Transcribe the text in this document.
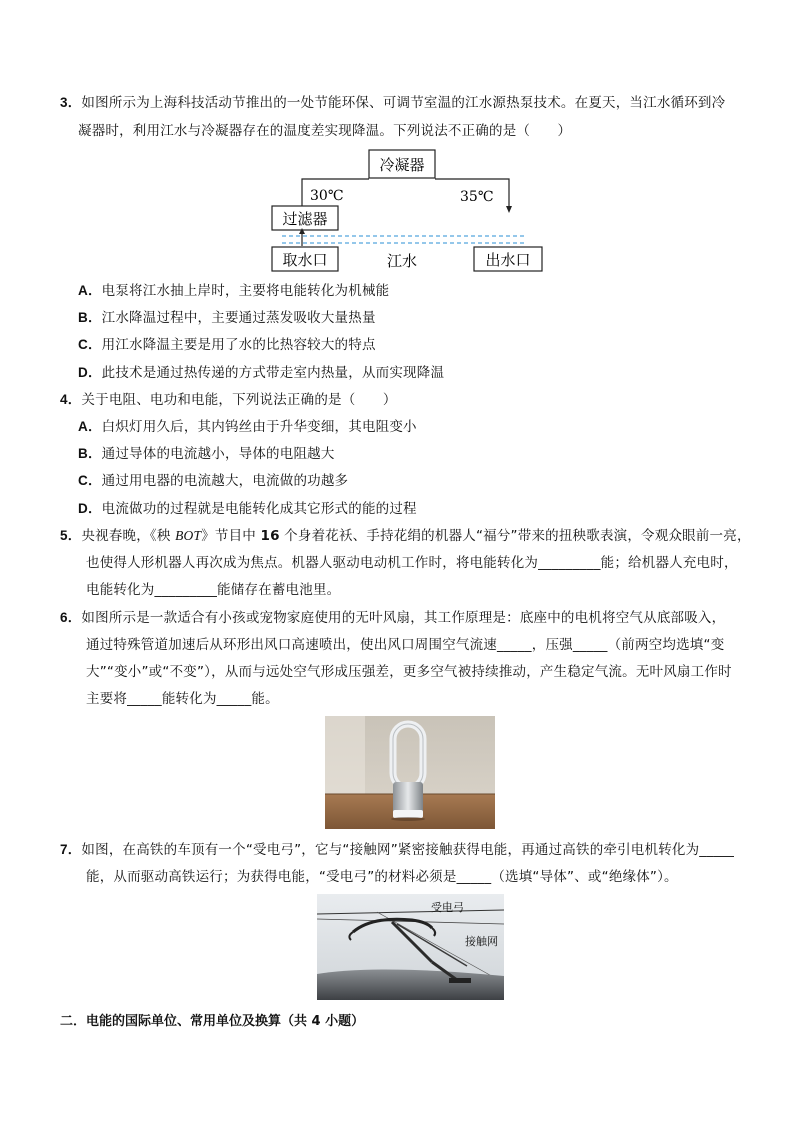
3．如图所示为上海科技活动节推出的一处节能环保、可调节室温的江水源热泵技术。在夏天，当江水循环到冷
凝器时，利用江水与冷凝器存在的温度差实现降温。下列说法不正确的是（　　）
冷凝器
30℃	35℃
过滤器
取水口	江水	出水口
A．电泵将江水抽上岸时，主要将电能转化为机械能
B．江水降温过程中，主要通过蒸发吸收大量热量
C．用江水降温主要是用了水的比热容较大的特点
D．此技术是通过热传递的方式带走室内热量，从而实现降温
4．关于电阻、电功和电能，下列说法正确的是（　　）
A．白炽灯用久后，其内钨丝由于升华变细，其电阻变小
B．通过导体的电流越小，导体的电阻越大
C．通过用电器的电流越大，电流做的功越多
D．电流做功的过程就是电能转化成其它形式的能的过程
5．央视春晚，《秧 BOT》节目中 16 个身着花袄、手持花绢的机器人“福兮”带来的扭秧歌表演，令观众眼前一亮，
也使得人形机器人再次成为焦点。机器人驱动电动机工作时，将电能转化为_________能；给机器人充电时，
电能转化为_________能储存在蓄电池里。
6．如图所示是一款适合有小孩或宠物家庭使用的无叶风扇，其工作原理是：底座中的电机将空气从底部吸入，
通过特殊管道加速后从环形出风口高速喷出，使出风口周围空气流速_____，压强_____（前两空均选填“变
大”“变小”或“不变”），从而与远处空气形成压强差，更多空气被持续推动，产生稳定气流。无叶风扇工作时
主要将_____能转化为_____能。
7．如图，在高铁的车顶有一个“受电弓”，它与“接触网”紧密接触获得电能，再通过高铁的牵引电机转化为_____
能，从而驱动高铁运行；为获得电能，“受电弓”的材料必须是_____（选填“导体”、或“绝缘体”）。
受电弓
接触网
二．电能的国际单位、常用单位及换算（共 4 小题）
